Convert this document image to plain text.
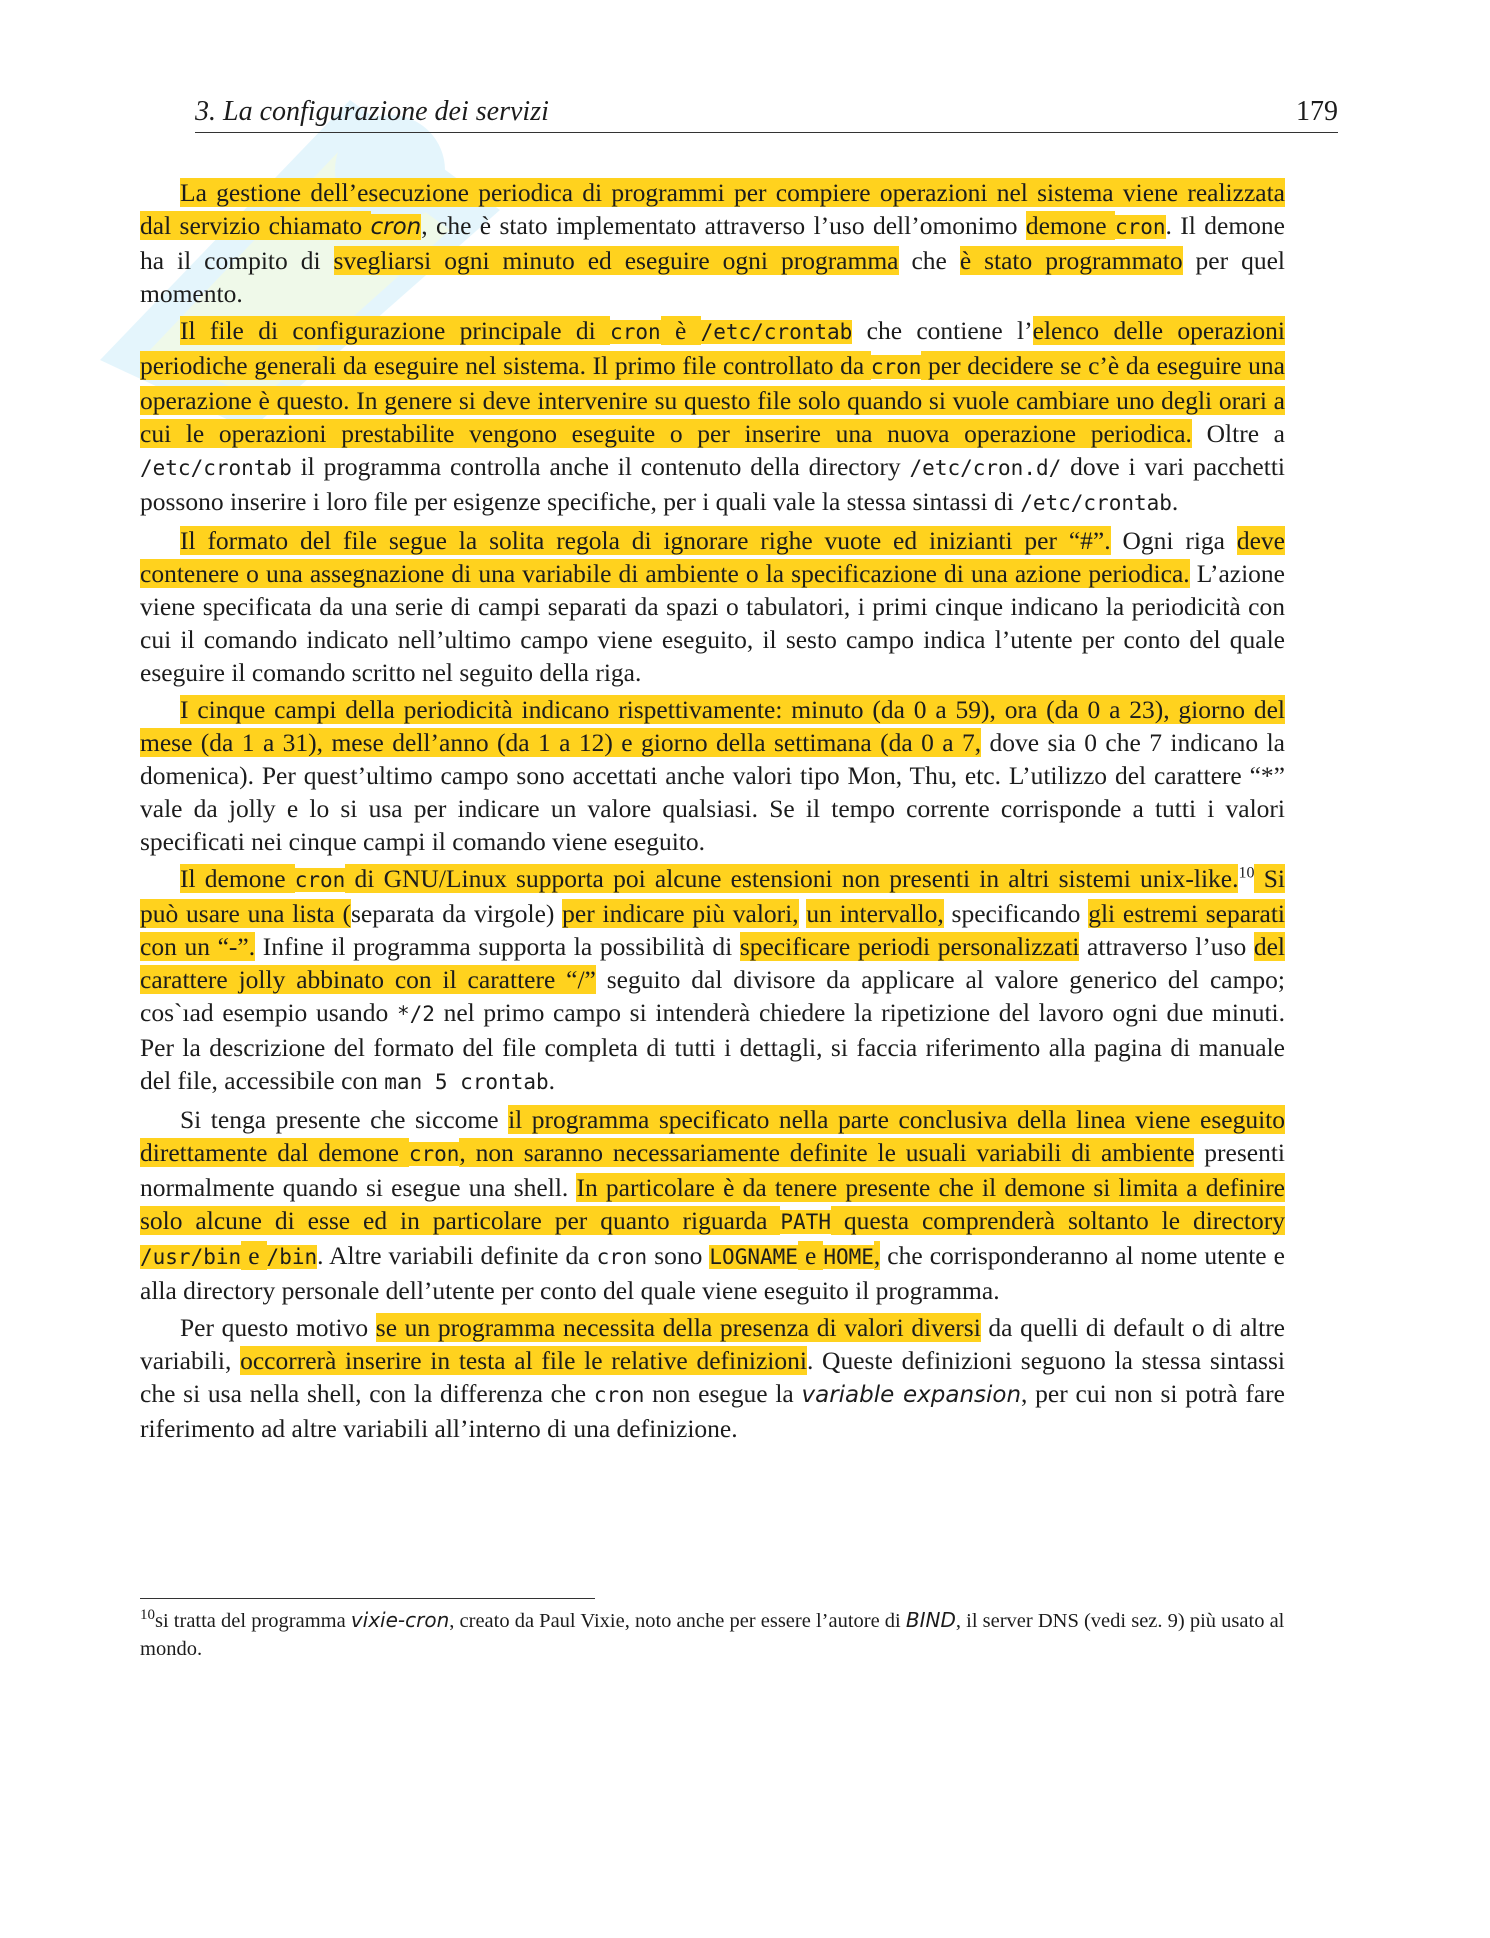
3. La configurazione dei servizi	179

La gestione dell’esecuzione periodica di programmi per compiere operazioni nel sistema viene realizzata dal servizio chiamato cron, che è stato implementato attraverso l’uso dell’omonimo demone cron. Il demone ha il compito di svegliarsi ogni minuto ed eseguire ogni programma che è stato programmato per quel momento.

Il file di configurazione principale di cron è /etc/crontab che contiene l’elenco delle operazioni periodiche generali da eseguire nel sistema. Il primo file controllato da cron per decidere se c’è da eseguire una operazione è questo. In genere si deve intervenire su questo file solo quando si vuole cambiare uno degli orari a cui le operazioni prestabilite vengono eseguite o per inserire una nuova operazione periodica. Oltre a /etc/crontab il programma controlla anche il contenuto della directory /etc/cron.d/ dove i vari pacchetti possono inserire i loro file per esigenze specifiche, per i quali vale la stessa sintassi di /etc/crontab.

Il formato del file segue la solita regola di ignorare righe vuote ed inizianti per “#”. Ogni riga deve contenere o una assegnazione di una variabile di ambiente o la specificazione di una azione periodica. L’azione viene specificata da una serie di campi separati da spazi o tabulatori, i primi cinque indicano la periodicità con cui il comando indicato nell’ultimo campo viene eseguito, il sesto campo indica l’utente per conto del quale eseguire il comando scritto nel seguito della riga.

I cinque campi della periodicità indicano rispettivamente: minuto (da 0 a 59), ora (da 0 a 23), giorno del mese (da 1 a 31), mese dell’anno (da 1 a 12) e giorno della settimana (da 0 a 7, dove sia 0 che 7 indicano la domenica). Per quest’ultimo campo sono accettati anche valori tipo Mon, Thu, etc. L’utilizzo del carattere “*” vale da jolly e lo si usa per indicare un valore qualsiasi. Se il tempo corrente corrisponde a tutti i valori specificati nei cinque campi il comando viene eseguito.

Il demone cron di GNU/Linux supporta poi alcune estensioni non presenti in altri sistemi unix-like.$^{10}$ Si può usare una lista (separata da virgole) per indicare più valori, un intervallo, specificando gli estremi separati con un “-”. Infine il programma supporta la possibilità di specificare periodi personalizzati attraverso l’uso del carattere jolly abbinato con il carattere “/” seguito dal divisore da applicare al valore generico del campo; cos`ıad esempio usando */2 nel primo campo si intenderà chiedere la ripetizione del lavoro ogni due minuti. Per la descrizione del formato del file completa di tutti i dettagli, si faccia riferimento alla pagina di manuale del file, accessibile con man 5 crontab.

Si tenga presente che siccome il programma specificato nella parte conclusiva della linea viene eseguito direttamente dal demone cron, non saranno necessariamente definite le usuali variabili di ambiente presenti normalmente quando si esegue una shell. In particolare è da tenere presente che il demone si limita a definire solo alcune di esse ed in particolare per quanto riguarda PATH questa comprenderà soltanto le directory /usr/bin e /bin. Altre variabili definite da cron sono LOGNAME e HOME, che corrisponderanno al nome utente e alla directory personale dell’utente per conto del quale viene eseguito il programma.

Per questo motivo se un programma necessita della presenza di valori diversi da quelli di default o di altre variabili, occorrerà inserire in testa al file le relative definizioni. Queste definizioni seguono la stessa sintassi che si usa nella shell, con la differenza che cron non esegue la variable expansion, per cui non si potrà fare riferimento ad altre variabili all’interno di una definizione.

$^{10}$si tratta del programma vixie-cron, creato da Paul Vixie, noto anche per essere l’autore di BIND, il server DNS (vedi sez. 9) più usato al mondo.
